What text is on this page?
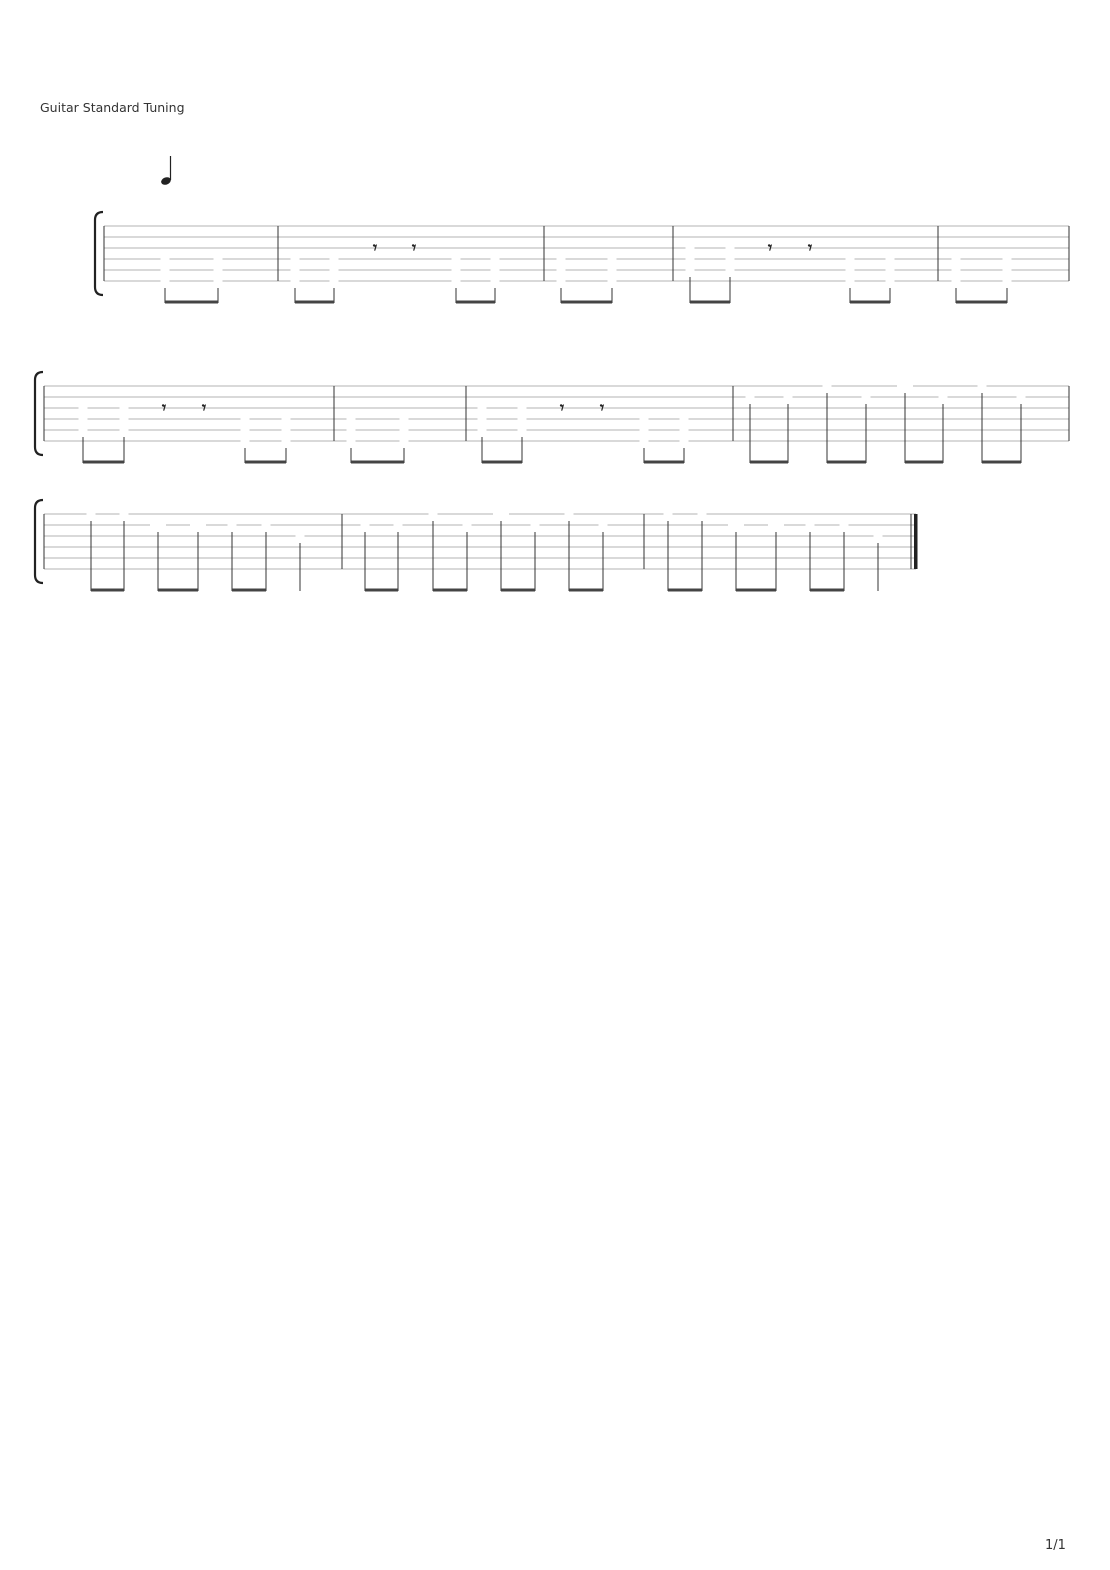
Guitar Standard Tuning
𝄾 𝄾	𝄾 𝄾
𝄾 𝄾	𝄾 𝄾
1/1
